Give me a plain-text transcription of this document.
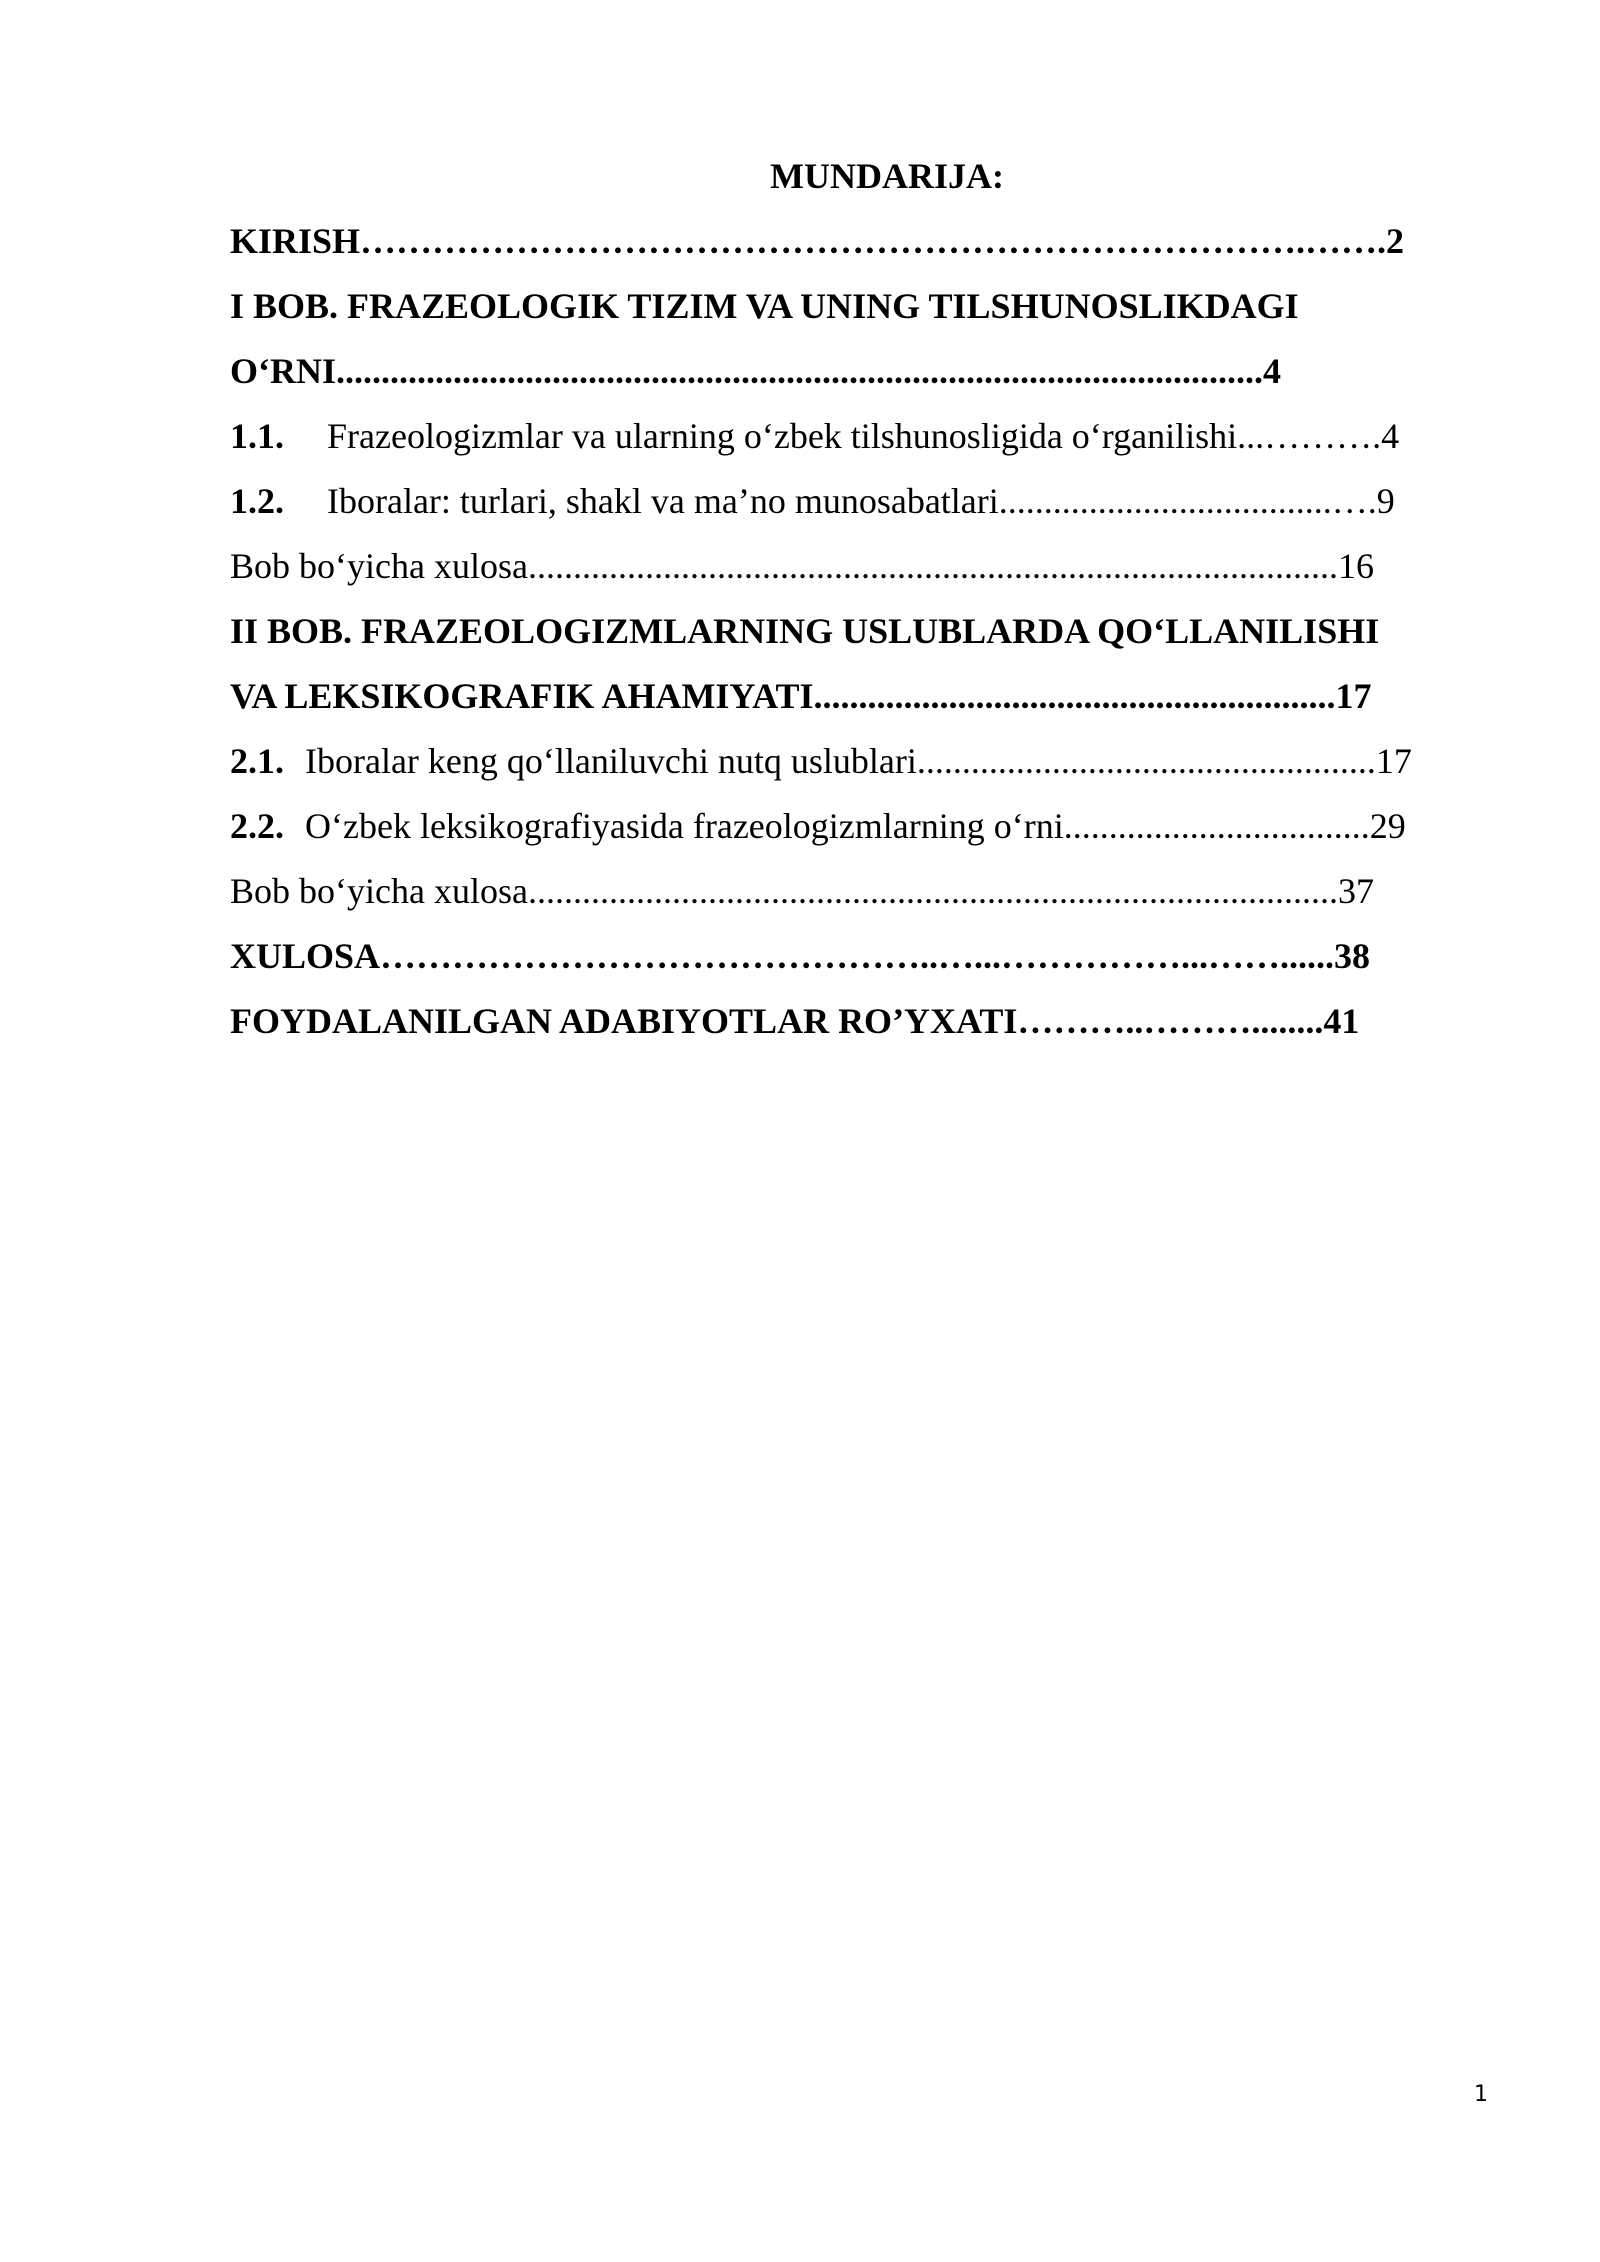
MUNDARIJA:
KIRISH…………………………………………………………………….…….2
I BOB. FRAZEOLOGIK TIZIM VA UNING TILSHUNOSLIKDAGI
O‘RNI.......................................................................................................4
1.1. Frazeologizmlar va ularning o‘zbek tilshunosligida o‘rganilishi...……….4
1.2. Iboralar: turlari, shakl va ma’no munosabatlari.....................................….9
Bob bo‘yicha xulosa..........................................................................................16
II BOB. FRAZEOLOGIZMLARNING USLUBLARDA QO‘LLANILISHI
VA LEKSIKOGRAFIK AHAMIYATI..........................................................17
2.1. Iboralar keng qo‘llaniluvchi nutq uslublari...................................................17
2.2. O‘zbek leksikografiyasida frazeologizmlarning o‘rni..................................29
Bob bo‘yicha xulosa..........................................................................................37
XULOSA………………………………………..…...……………...……......38
FOYDALANILGAN ADABIYOTLAR RO’YXATI………..………........41
1
